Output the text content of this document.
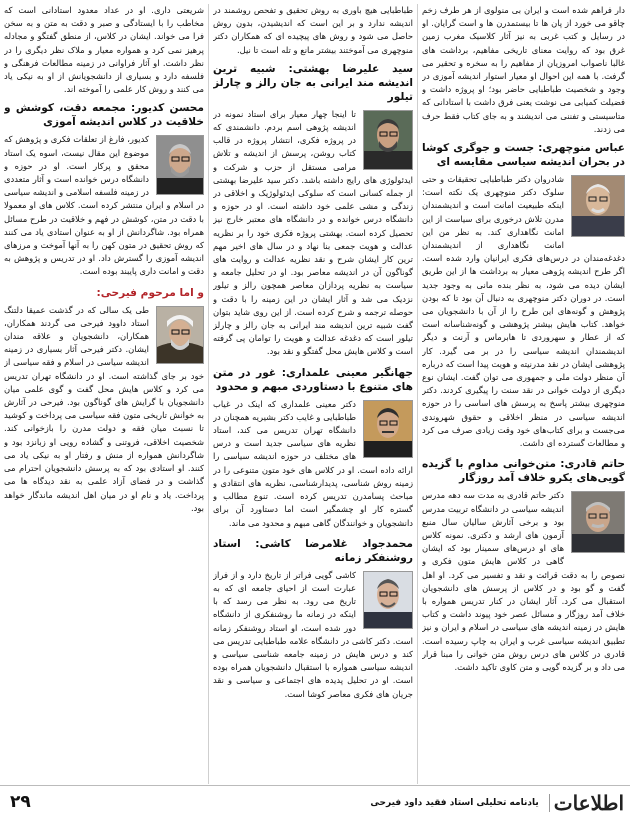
دار فراهم شده است و ایران بی منولوی از هر طرف زخم چاقو می خورد از پان ها تا بیستمدرن ها و است گرایان. او در رسایل و کتب غربی به نیز آثار کلاسیک مغرب زمین غرق بود که روایت معنای تاریخی مفاهیم، برداشت های غالبا ناصواب امروزیان از مفاهیم را به سخره و تحقیر می گرفت. با همه این احوال او معیار استوار اندیشه آموزی در وجود و شخصیت طباطبایی حاضر بود؛ او پروژه داشت و فضیلت کمیابی می نوشت یعنی فرق داشت با استادانی که متاسیستی و تفننی می اندیشند و به جای کتاب فقط حرف می زدند.

عباس منوچهری: جست و جوگری کوشا در بحران اندیشه سیاسی مقایسه ای

شادروان دکتر طباطبایی تحقیقات و حتی سلوک دکتر منوچهری یک نکته است: اینکه طبیعیت امانت است و اندیشمندان مدرن تلاش درخوری برای سیاست از این امانت نگاهداری کند. به نظر من این امانت نگاهداری از اندیشمندان دغدغه‌مندان در درس‌های فکری ایرانیان وارد شده است. اگر طرح اندیشه پژوهی معیار به برداشت ها از این طریق ایشان دیده می شود، به نظر بنده مانی به وجود جدید است. در دوران دکتر منوچهری به دنبال آن بود تا که بودن پژوهش و گونه‌های این طرح را از آن با دانشجویان می خواهد. کتاب هایش بیشتر پژوهشی و گونه‌شناسانه است که از عطار و سهروردی تا هابرماس و آرنت و دیگر اندیشمندان اندیشه سیاسی را در بر می گیرد. کار پژوهشی ایشان در نقد مدرنیته و هویت پیدا است که درباره آن منظر دولت ملی و جمهوری می توان گفت. ایشان نوع دیگری از دولت خوانی در نقد سنت را پیگیری کردند. دکتر منوچهری بیشتر پاسخ به پرسش های اساسی را در حوزه اندیشه سیاسی در منظر اخلاقی و حقوق شهروندی می‌جست و برای کتاب‌های خود وقت زیادی صرف می کرد و مطالعات گسترده ای داشت.

حاتم قادری: متن‌خوانی مداوم با گزیده گویی‌های یکرو خلاف آمد روزگار

دکتر حاتم قادری به مدت سه دهه مدرس اندیشه سیاسی در دانشگاه تربیت مدرس بود و برخی آثارش سالیان سال منبع آزمون های ارشد و دکتری. نمونه کلاس های او درس‌های سمینار بود که ایشان گاهی در کلاس هایش متون فکری و نصوص را به دقت قرائت و نقد و تفسیر می کرد. او اهل گفت و گو بود و در کلاس از پرسش های دانشجویان استقبال می کرد. آثار ایشان در کنار تدریس همواره با خلاف آمد روزگار و مسائل عصر خود پیوند داشت و کتاب هایش در زمینه اندیشه های سیاسی در اسلام و ایران و نیز تطبیق اندیشه سیاسی غرب و ایران به چاپ رسیده است. قادری در کلاس های درس روش متن خوانی را مبنا قرار می داد و بر گزیده گویی و متن کاوی تاکید داشت.

طباطبایی هیچ باوری به روش تحقیق و تفحص روشمند در اندیشه ندارد و بر این است که اندیشیدن، بدون روش حاصل می شود و روش های پیچیده ای که همکاران دکتر منوچهری می آموختند بیشتر مانع و تله است تا نیل.

سید علیرضا بهشتی: شبیه ترین اندیشه مند ایرانی به جان رالز و چارلز تیلور

تا اینجا چهار معیار برای استاد نمونه در اندیشه پژوهی اسم بردم. دانشمندی که در پروژه فکری، انتشار پروژه در قالب کتاب روشن، پرسش از اندیشه و تلاش مرامی مستقل از حزب و شرکت و ایدئولوژی های رایج داشته باشد. دکتر سید علیرضا بهشتی از جمله کسانی است که سلوکی ایدئولوژیک و اخلاقی در زندگی و مشی علمی خود داشته است. او در حوزه و دانشگاه درس خوانده و در دانشگاه های معتبر خارج نیز تحصیل کرده است. بهشتی پروژه فکری خود را بر نظریه عدالت و هویت جمعی بنا نهاد و در سال های اخیر مهم ترین کار ایشان شرح و نقد نظریه عدالت و روایت های گوناگون آن در اندیشه معاصر بود. او در تحلیل جامعه و سیاست به نظریه پردازان معاصر همچون رالز و تیلور نزدیک می شد و آثار ایشان در این زمینه را با دقت و حوصله ترجمه و شرح کرده است. از این روی شاید بتوان گفت شبیه ترین اندیشه مند ایرانی به جان رالز و چارلز تیلور است که دغدغه عدالت و هویت را توامان پی گرفته است و کلاس هایش محل گفتگو و نقد بود.

جهانگیر معینی علمداری: غور در متن های متنوع با دستاوردی مبهم و محدود

دکتر معینی علمداری که اینک در غیاب طباطبایی و غایب دکتر بشیریه همچنان در دانشگاه تهران تدریس می کند، استاد نظریه های سیاسی جدید است و درس های مختلف در حوزه اندیشه سیاسی را ارائه داده است. او در کلاس های خود متون متنوعی را در زمینه روش شناسی، پدیدارشناسی، نظریه های انتقادی و مباحث پسامدرن تدریس کرده است. تنوع مطالب و گستره کار او چشمگیر است اما دستاورد آن برای دانشجویان و خوانندگان گاهی مبهم و محدود می ماند.

محمدجواد غلامرضا کاشی: استاد روشنفکر زمانه

کاشی گویی فراتر از تاریخ دارد و از فراز عبارت است از احیای جامعه ای که به تاریخ می رود. به نظر می رسد که با اینکه در زمانه ما روشنفکری از دانشگاه دور شده است، او استاد روشنفکر زمانه است. دکتر کاشی در دانشگاه علامه طباطبایی تدریس می کند و درس هایش در زمینه جامعه شناسی سیاسی و اندیشه سیاسی همواره با استقبال دانشجویان همراه بوده است. او در تحلیل پدیده های اجتماعی و سیاسی و نقد جریان های فکری معاصر کوشا است.

شریعتی داری. او در عداد معدود استادانی است که مخاطب را با ایستادگی و صبر و دقت به متن و به سخن فرا می خواند. ایشان در کلاس، از منطق گفتگو و مجادله پرهیز نمی کرد و همواره معیار و ملاک نظر دیگری را در نظر داشت. او آثار فراوانی در زمینه مطالعات فرهنگی و فلسفه دارد و بسیاری از دانشجویانش از او به نیکی یاد می کنند و روش کار علمی را آموخته اند.

محسن کدیور: مجمعه دقت، کوشش و خلاقیت در کلاس اندیشه آموزی

کدیور، فارغ از تعلقات فکری و پژوهش که موضوع این مقال نیست، اسوه یک استاد محقق و پرکار است. او در حوزه و دانشگاه درس خوانده است و آثار متعددی در زمینه فلسفه اسلامی و اندیشه سیاسی در اسلام و ایران منتشر کرده است. کلاس های او معمولا با دقت در متن، کوشش در فهم و خلاقیت در طرح مسائل همراه بود. شاگردانش از او به عنوان استادی یاد می کنند که روش تحقیق در متون کهن را به آنها آموخت و مرزهای اندیشه آموزی را گسترش داد. او در تدریس و پژوهش به دقت و امانت داری پایبند بوده است.

و اما مرحوم فیرحی:

طی یک سالی که در گذشت عمیقا دلتنگ استاد داوود فیرحی می گردند همکاران، همکاران، دانشجویان و علاقه مندان ایشان. دکتر فیرحی آثار بسیاری در زمینه اندیشه سیاسی در اسلام و فقه سیاسی از خود بر جای گذاشته است. او در دانشگاه تهران تدریس می کرد و کلاس هایش محل گفت و گوی علمی میان دانشجویان با گرایش های گوناگون بود. فیرحی در آثارش به خوانش تاریخی متون فقه سیاسی می پرداخت و کوشید تا نسبت میان فقه و دولت مدرن را بازخوانی کند. شخصیت اخلاقی، فروتنی و گشاده رویی او زبانزد بود و شاگردانش همواره از منش و رفتار او به نیکی یاد می کنند. او استادی بود که به پرسش دانشجویان احترام می گذاشت و در فضای آزاد علمی به نقد دیدگاه ها می پرداخت. یاد و نام او در میان اهل اندیشه ماندگار خواهد بود.

اطلاعات
یادنامه تحلیلی استاد فقید داود فیرحی
۲۹
